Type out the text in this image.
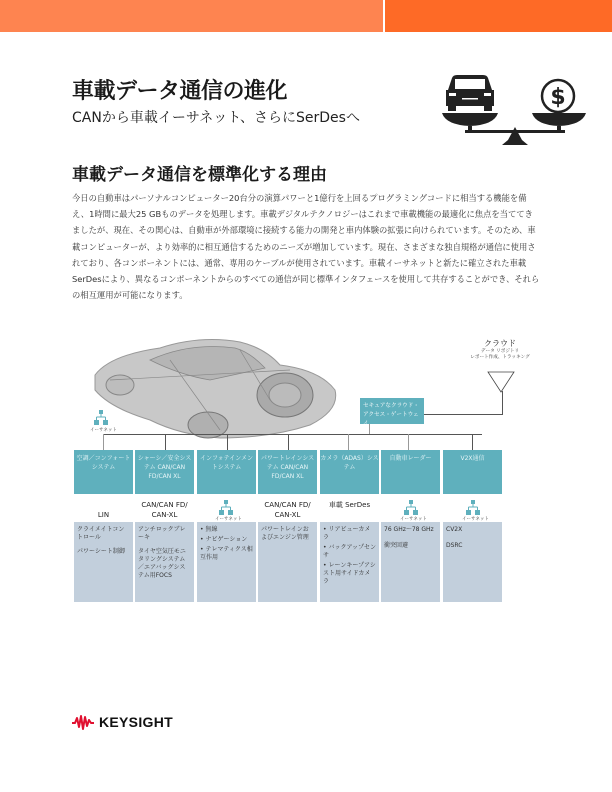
車載データ通信の進化
CANから車載イーサネット、さらにSerDesへ
$
車載データ通信を標準化する理由

今日の自動車はパーソナルコンピューター20台分の演算パワーと1億行を上回るプログラミングコードに相当する機能を備え、1時間に最大25 GBものデータを処理します。車載デジタルテクノロジーはこれまで車載機能の最適化に焦点を当ててきましたが、現在、その関心は、自動車が外部環境に接続する能力の開発と車内体験の拡張に向けられています。そのため、車載コンピューターが、より効率的に相互通信するためのニーズが増加しています。現在、さまざまな独自規格が通信に使用されており、各コンポーネントには、通常、専用のケーブルが使用されています。車載イーサネットと新たに確立された車載SerDesにより、異なるコンポーネントからのすべての通信が同じ標準インタフェースを使用して共存することができ、それらの相互運用が可能になります。

イーサネット
クラウド
データ リポジトリ
レポート作成、トラッキング
セキュアなクラウド・アクセス・ゲートウェイ
空調／コンフォートシステム
シャーシ／安全システム CAN/CAN FD/CAN XL
インフォテインメントシステム
パワートレインシステム CAN/CAN FD/CAN XL
カメラ（ADAS）システム
自動車レーダー	V2X通信
LIN
CAN/CAN FD/ CAN-XL
イーサネット
CAN/CAN FD/ CAN-XL
車載 SerDes
イーサネット	イーサネット

クライメイトコントロール

パワーシート制御

アンチロックブレーキ

タイヤ空気圧モニタリングシステム／エアバッグシステム用FOCS

• 無線
• ナビゲーション
• テレマティクス相互作用

パワートレインおよびエンジン管理

• リアビューカメラ
• バックアップセンサ
• レーンキープアシスト用サイドカメラ

76 GHz～78 GHz

衝突回避

CV2X

DSRC

KEYSIGHT
